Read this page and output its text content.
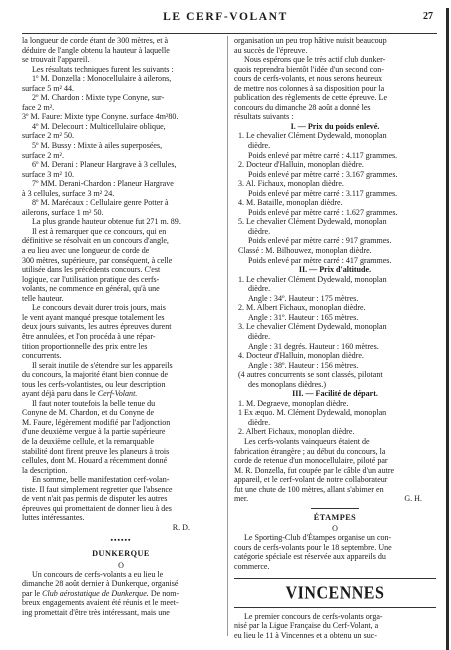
LE CERF-VOLANT	27

la longueur de corde étant de 300 mètres, et à

déduire de l'angle obtenu la hauteur à laquelle

se trouvait l'appareil.

Les résultats techniques furent les suivants :

1º M. Donzella : Monocellulaire à ailerons,

surface 5 m² 44.

2º M. Chardon : Mixte type Conyne, sur-

face 2 m².

3º M. Faure: Mixte type Conyne. surface 4m²80.

4º M. Delecourt : Multicellulaire oblique,

surface 2 m² 50.

5º M. Bussy : Mixte à ailes superposées,

surface 2 m².

6º M. Derani : Planeur Hargrave à 3 cellules,

surface 3 m² 10.

7º MM. Derani-Chardon : Planeur Hargrave

à 3 cellules, surface 3 m² 24.

8º M. Marécaux : Cellulaire genre Potter à

ailerons, surface 1 m² 50.

La plus grande hauteur obtenue fut 271 m. 89.

Il est à remarquer que ce concours, qui en

définitive se résolvait en un concours d'angle,

a eu lieu avec une longueur de corde de

300 mètres, supérieure, par conséquent, à celle

utilisée dans les précédents concours. C'est

logique, car l'utilisation pratique des cerfs-

volants, ne commence en général, qu'à une

telle hauteur.

Le concours devait durer trois jours, mais

le vent ayant manqué presque totalement les

deux jours suivants, les autres épreuves durent

être annulées, et l'on procéda à une répar-

tition proportionnelle des prix entre les

concurrents.

Il serait inutile de s'étendre sur les appareils

du concours, la majorité étant bien connue de

tous les cerfs-volantistes, ou leur description

ayant déjà paru dans le Cerf-Volant.

Il faut noter toutefois la belle tenue du

Conyne de M. Chardon, et du Conyne de

M. Faure, légèrement modifié par l'adjonction

d'une deuxième vergue à la partie supérieure

de la deuxième cellule, et la remarquable

stabilité dont firent preuve les planeurs à trois

cellules, dont M. Houard a récemment donné

la description.

En somme, belle manifestation cerf-volan-

tiste. Il faut simplement regretter que l'absence

de vent n'ait pas permis de disputer les autres

épreuves qui promettaient de donner lieu à des

luttes intéressantes.

R. D.

▪▪▪▪▪▪

DUNKERQUE

O

Un concours de cerfs-volants a eu lieu le

dimanche 28 août dernier à Dunkerque, organisé

par le Club aérostatique de Dunkerque. De nom-

breux engagements avaient été réunis et le meet-

ing promettait d'être très intéressant, mais une

organisation un peu trop hâtive nuisit beaucoup

au succès de l'épreuve.

Nous espérons que le très actif club dunker-

quois reprendra bientôt l'idée d'un second con-

cours de cerfs-volants, et nous serons heureux

de mettre nos colonnes à sa disposition pour la

publication des règlements de cette épreuve. Le

concours du dimanche 28 août a donné les

résultats suivants :

I. — Prix du poids enlevé.

1. Le chevalier Clément Dydewald, monoplan

dièdre.

Poids enlevé par mètre carré : 4.117 grammes.

2. Docteur d'Halluin, monoplan dièdre.

Poids enlevé par mètre carré : 3.167 grammes.

3. Al. Fichaux, monoplan dièdre.

Poids enlevé par mètre carré : 3.117 grammes.

4. M. Bataille, monoplan dièdre.

Poids enlevé par mètre carré : 1.627 grammes.

5. Le chevalier Clément Dydewald, monoplan

dièdre.

Poids enlevé par mètre carré : 917 grammes.

Classé : M. Bilhouwez, monoplan dièdre.

Poids enlevé par mètre carré : 417 grammes.

II. — Prix d'altitude.

1. Le chevalier Clément Dydewald, monoplan

dièdre.

Angle : 34º. Hauteur : 175 mètres.

2. M. Albert Fichaux, monoplan dièdre.

Angle : 31º. Hauteur : 165 mètres.

3. Le chevalier Clément Dydewald, monoplan

dièdre.

Angle : 31 degrés. Hauteur : 160 mètres.

4. Docteur d'Halluin, monoplan dièdre.

Angle : 38º. Hauteur : 156 mètres.

(4 autres concurrents se sont classés, pilotant

des monoplans dièdres.)

III. — Facilité de départ.

1. M. Degraeve, monoplan dièdre.

1 Ex æquo. M. Clément Dydewald, monoplan

dièdre.

2. Albert Fichaux, monoplan dièdre.

Les cerfs-volants vainqueurs étaient de

fabrication étrangère ; au début du concours, la

corde de retenue d'un monocellulaire, piloté par

M. R. Donzella, fut coupée par le câble d'un autre

appareil, et le cerf-volant de notre collaborateur

fut une chute de 100 mètres, allant s'abimer en

mer.	G. H.

ÉTAMPES

O

Le Sporting-Club d'Étampes organise un con-

cours de cerfs-volants pour le 18 septembre. Une

catégorie spéciale est réservée aux appareils du

commerce.

VINCENNES

Le premier concours de cerfs-volants orga-

nisé par la Ligue Française du Cerf-Volant, a

eu lieu le 11 à Vincennes et a obtenu un suc-
